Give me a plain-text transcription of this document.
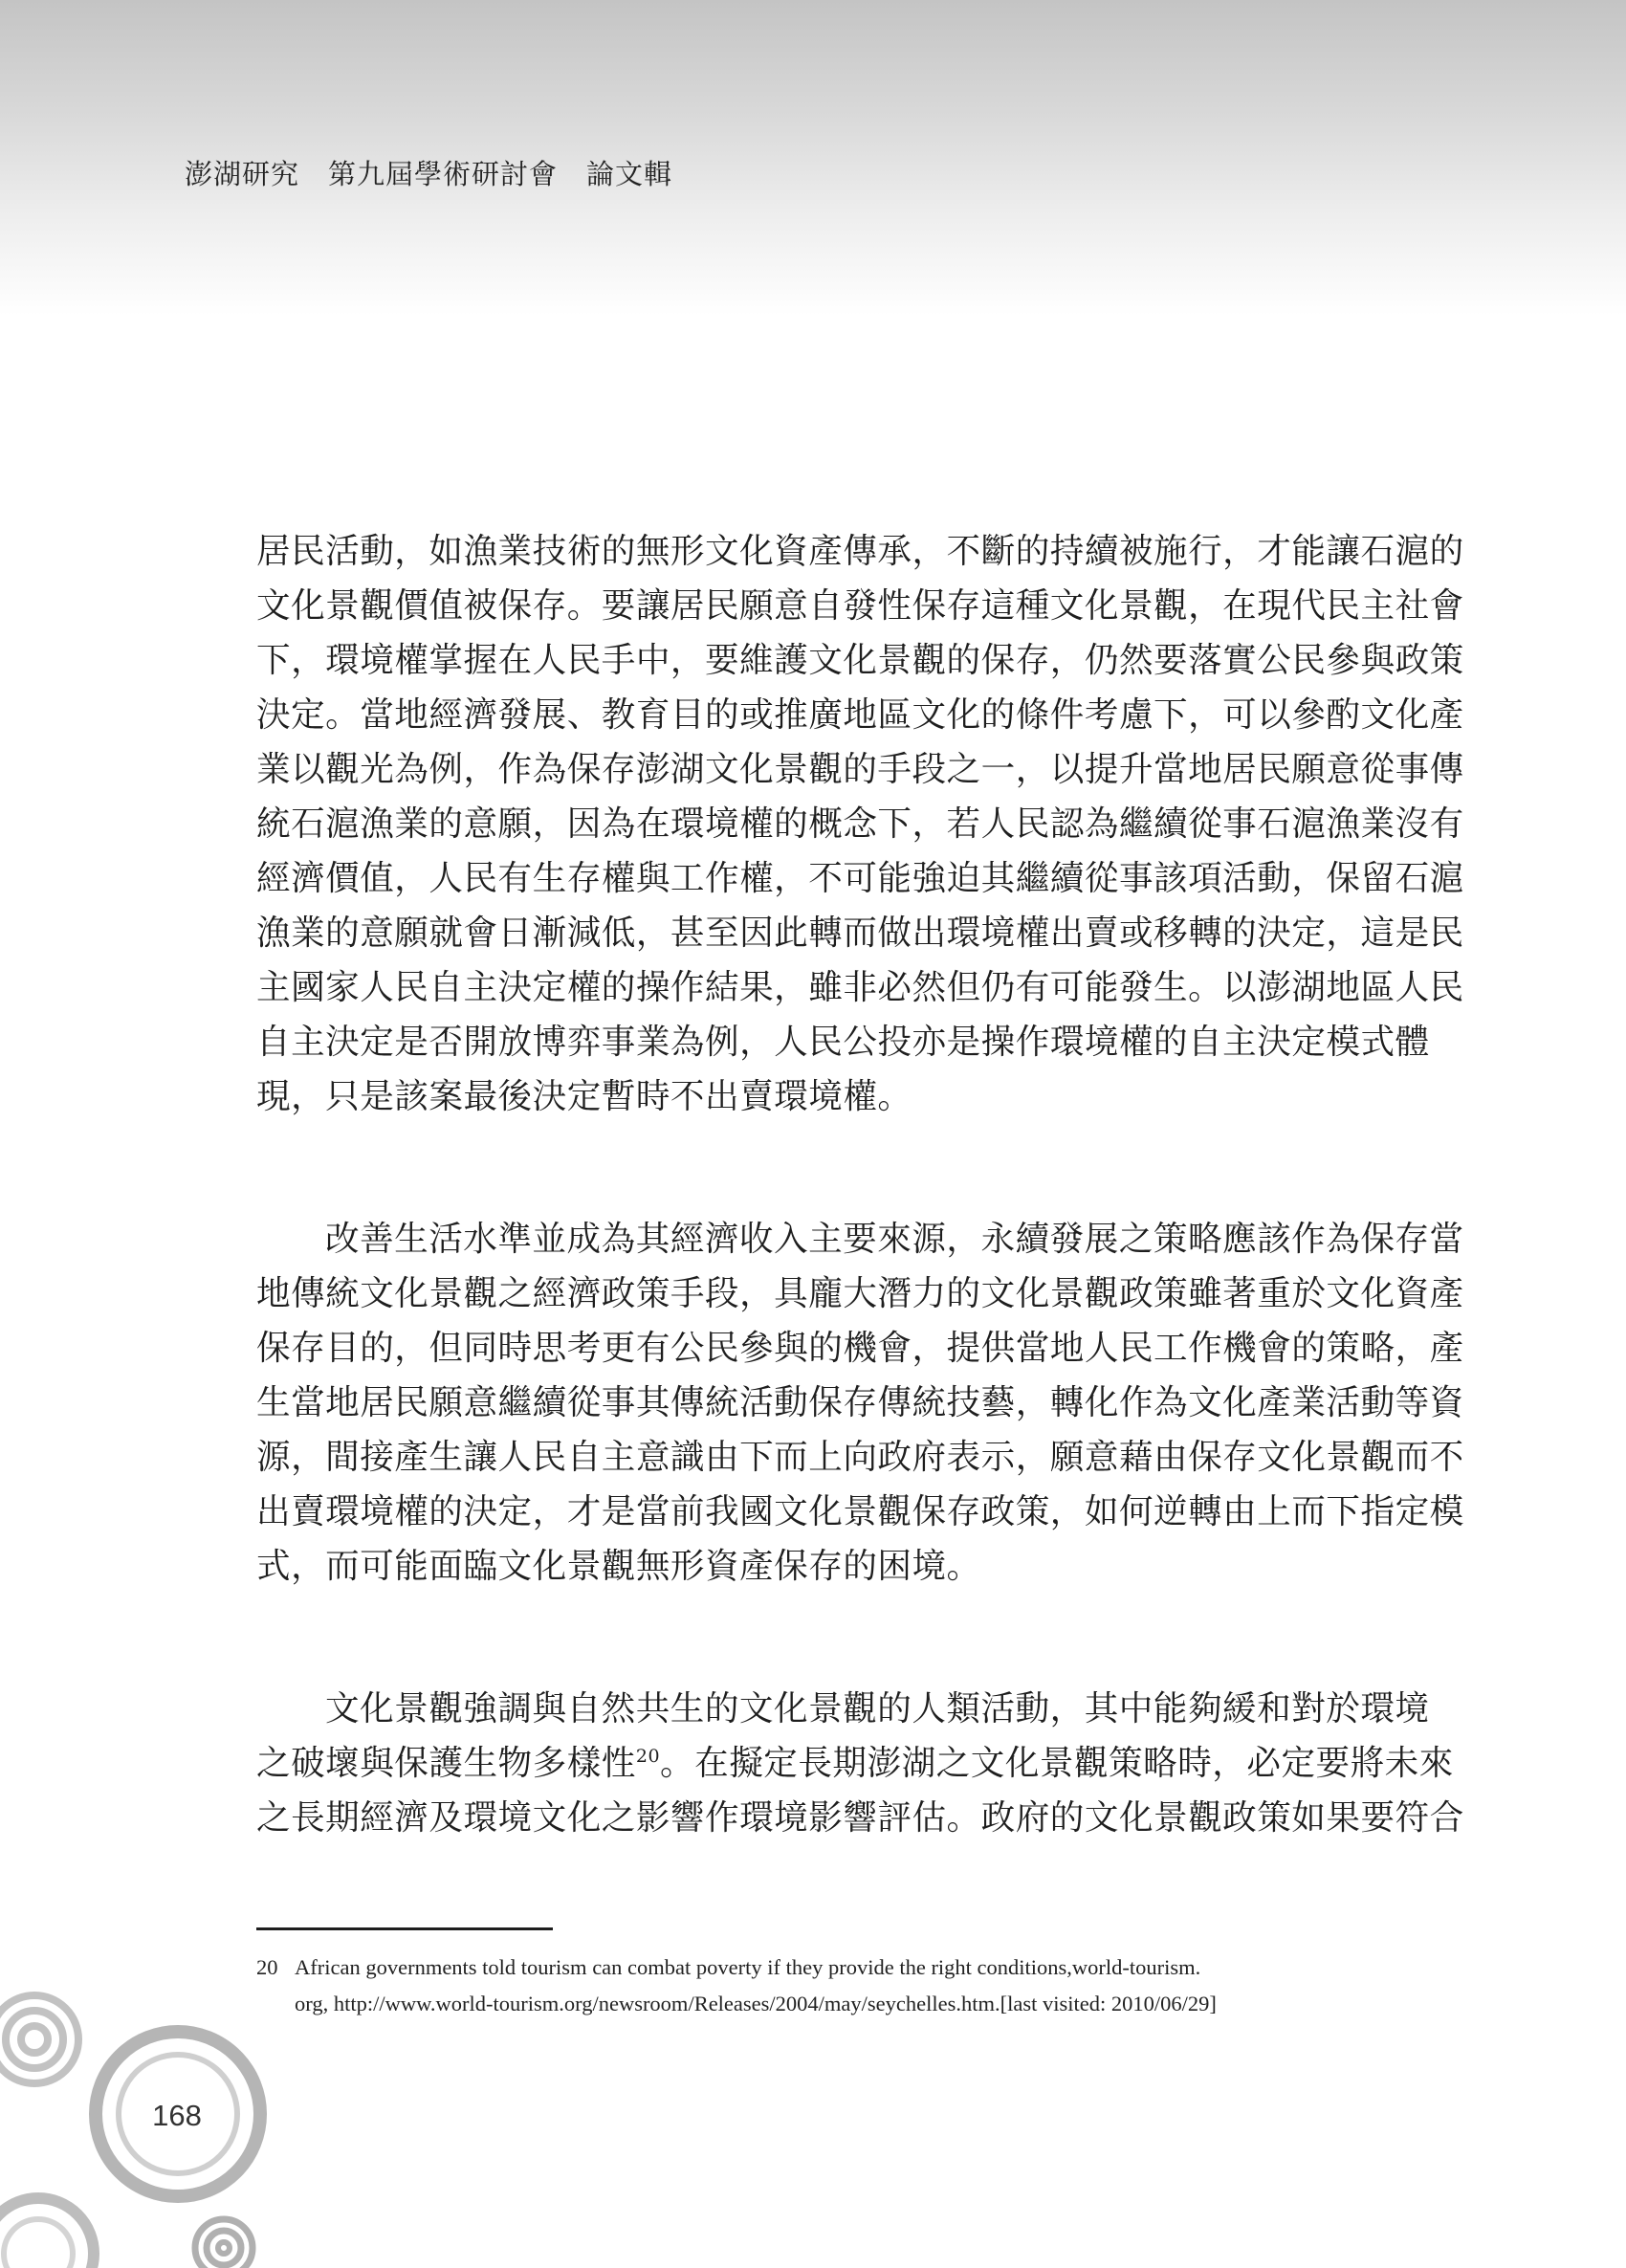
澎湖研究　第九屆學術研討會　論文輯
居民活動，如漁業技術的無形文化資產傳承，不斷的持續被施行，才能讓石滬的
文化景觀價值被保存。要讓居民願意自發性保存這種文化景觀，在現代民主社會
下，環境權掌握在人民手中，要維護文化景觀的保存，仍然要落實公民參與政策
決定。當地經濟發展、教育目的或推廣地區文化的條件考慮下，可以參酌文化產
業以觀光為例，作為保存澎湖文化景觀的手段之一，以提升當地居民願意從事傳
統石滬漁業的意願，因為在環境權的概念下，若人民認為繼續從事石滬漁業沒有
經濟價值，人民有生存權與工作權，不可能強迫其繼續從事該項活動，保留石滬
漁業的意願就會日漸減低，甚至因此轉而做出環境權出賣或移轉的決定，這是民
主國家人民自主決定權的操作結果，雖非必然但仍有可能發生。以澎湖地區人民
自主決定是否開放博弈事業為例，人民公投亦是操作環境權的自主決定模式體
現，只是該案最後決定暫時不出賣環境權。
改善生活水準並成為其經濟收入主要來源，永續發展之策略應該作為保存當
地傳統文化景觀之經濟政策手段，具龐大潛力的文化景觀政策雖著重於文化資產
保存目的，但同時思考更有公民參與的機會，提供當地人民工作機會的策略，產
生當地居民願意繼續從事其傳統活動保存傳統技藝，轉化作為文化產業活動等資
源，間接產生讓人民自主意識由下而上向政府表示，願意藉由保存文化景觀而不
出賣環境權的決定，才是當前我國文化景觀保存政策，如何逆轉由上而下指定模
式，而可能面臨文化景觀無形資產保存的困境。
文化景觀強調與自然共生的文化景觀的人類活動，其中能夠緩和對於環境
之破壞與保護生物多樣性$^{20}$。在擬定長期澎湖之文化景觀策略時，必定要將未來
之長期經濟及環境文化之影響作環境影響評估。政府的文化景觀政策如果要符合
20 African governments told tourism can combat poverty if they provide the right conditions,world-tourism.
org, http://www.world-tourism.org/newsroom/Releases/2004/may/seychelles.htm.[last visited: 2010/06/29]
168
